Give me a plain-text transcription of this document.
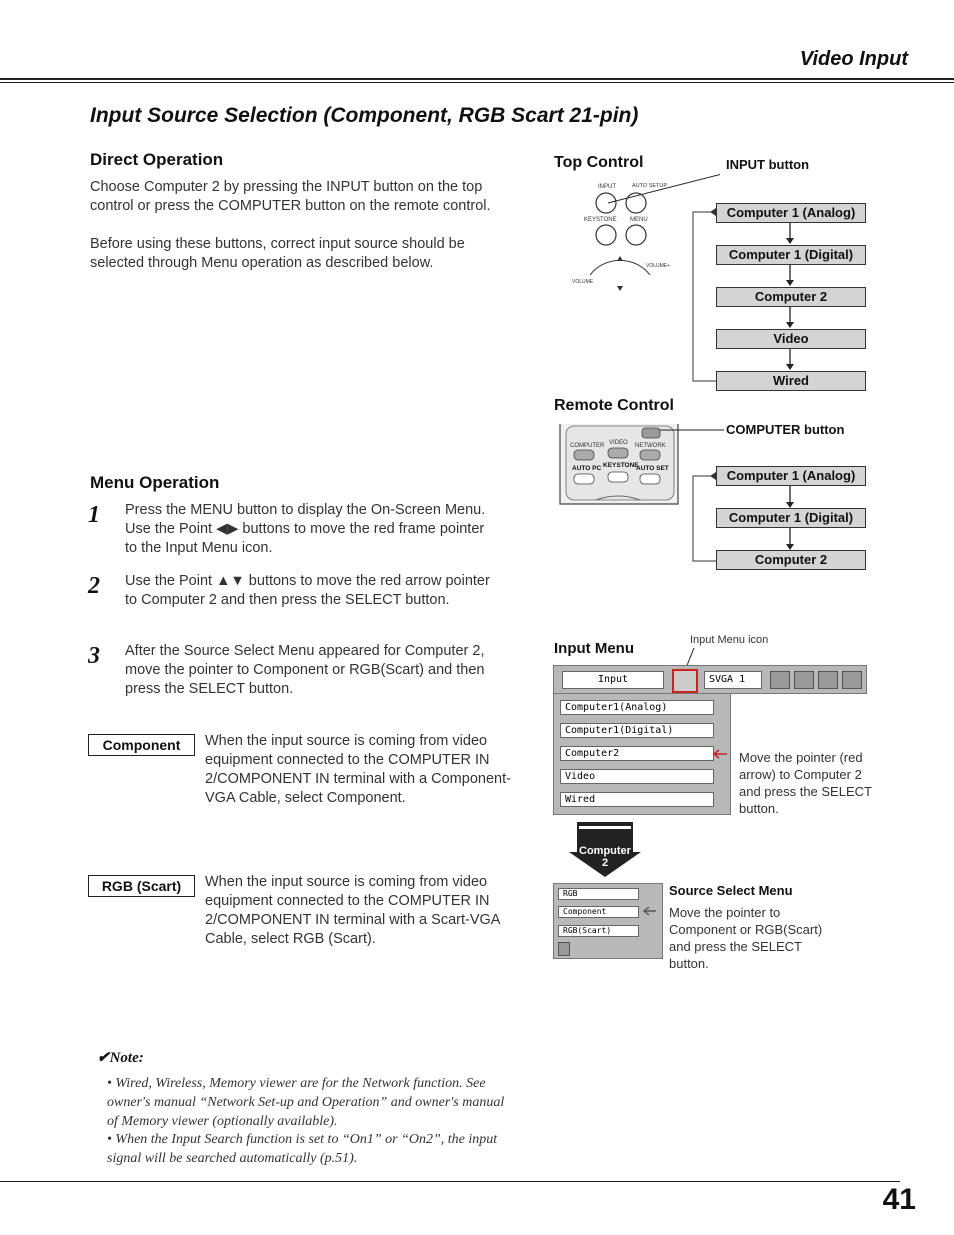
Video Input
Input Source Selection (Component, RGB Scart 21-pin)
Direct Operation

Choose Computer 2 by pressing the INPUT button on the top control or press the COMPUTER button on the remote control.

Before using these buttons, correct input source should be selected through Menu operation as described below.

Top Control	INPUT button
INPUT	AUTO SETUP
KEYSTONE MENU
VOLUME
VOLUME+
Computer 1 (Analog)
Computer 1 (Digital)
Computer 2
Video
Wired
Remote Control
COMPUTER button
COMPUTER VIDEO NETWORK
AUTO PC KEYSTONE
AUTO SET	Computer 1 (Analog)
Computer 1 (Digital)
Computer 2
Menu Operation
1 Press the MENU button to display the On-Screen Menu. Use the Point ◀▶ buttons to move the red frame pointer to the Input Menu icon.

2 Use the Point ▲▼ buttons to move the red arrow pointer to Computer 2 and then press the SELECT button.

3 After the Source Select Menu appeared for Computer 2, move the pointer to Component or RGB(Scart) and then press the SELECT button.

Component	When the input source is coming from video equipment connected to the COMPUTER IN 2/COMPONENT IN terminal with a Component-VGA Cable, select Component.

RGB (Scart)	When the input source is coming from video equipment connected to the COMPUTER IN 2/COMPONENT IN terminal with a Scart-VGA Cable, select RGB (Scart).

Input Menu	Input Menu icon
Input	SVGA 1
Computer1(Analog)
Computer1(Digital)
Computer2
Video
Wired
Move the pointer (red arrow) to Computer 2 and press the SELECT button.
Computer 2
RGB
Component
RGB(Scart)
Source Select Menu
Move the pointer to Component or RGB(Scart) and press the SELECT button.
✔Note:
• Wired, Wireless, Memory viewer are for the Network function. See owner's manual “Network Set-up and Operation” and owner's manual of Memory viewer (optionally available).
• When the Input Search function is set to “On1” or “On2”, the input signal will be searched automatically (p.51).
41
